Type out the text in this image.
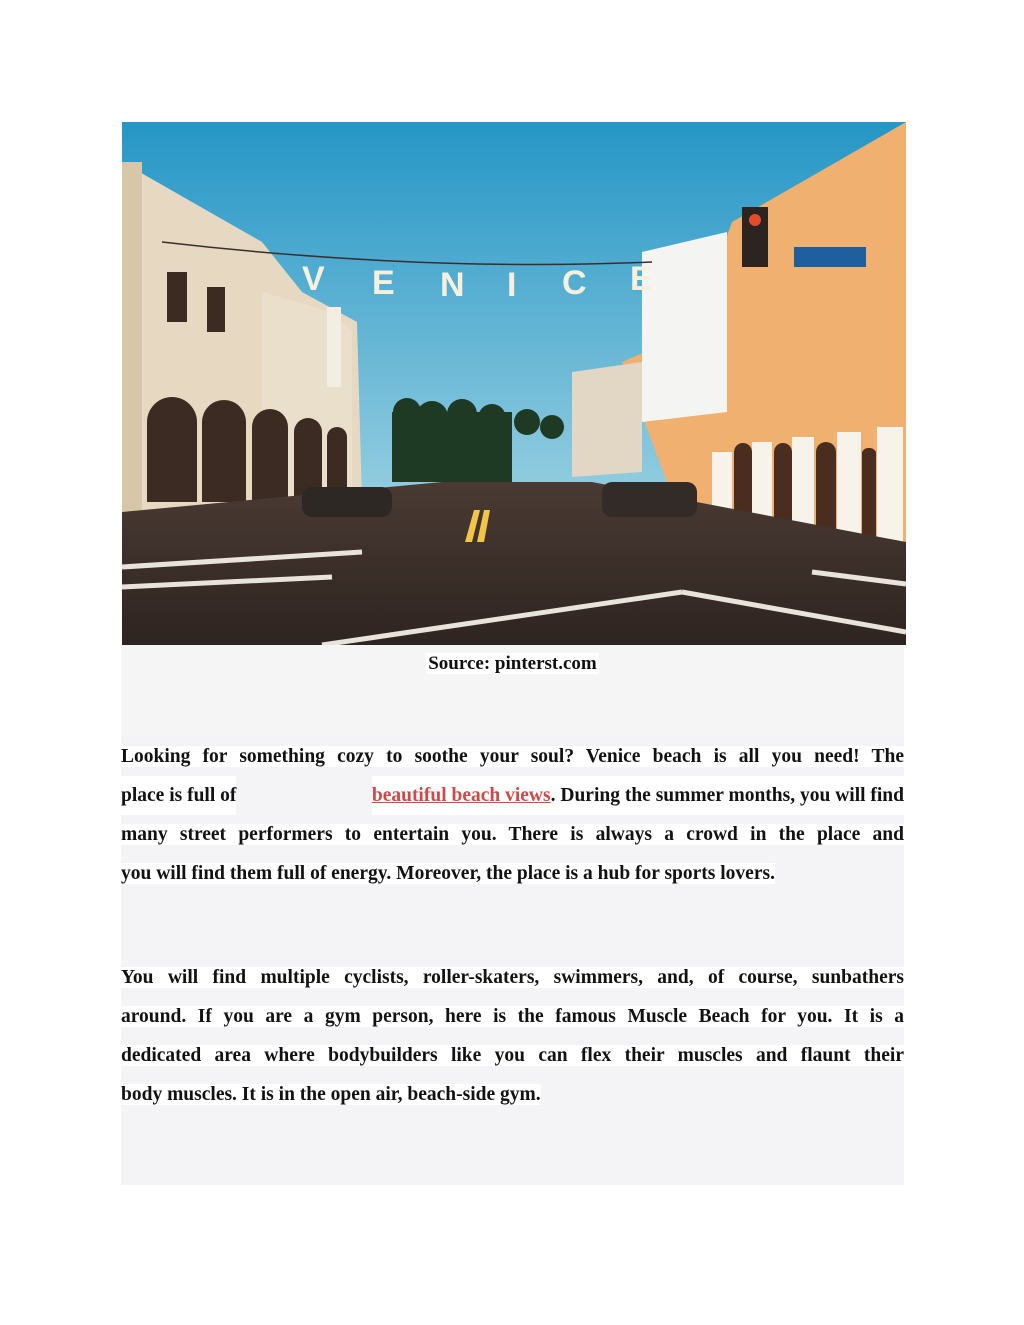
V E N I C E
Source: pinterst.com
Looking for something cozy to soothe your soul? Venice beach is all you need! The
place is full of	beautiful beach views. During the summer months, you will find
many street performers to entertain you. There is always a crowd in the place and
you will find them full of energy. Moreover, the place is a hub for sports lovers.
You will find multiple cyclists, roller-skaters, swimmers, and, of course, sunbathers
around. If you are a gym person, here is the famous Muscle Beach for you. It is a
dedicated area where bodybuilders like you can flex their muscles and flaunt their
body muscles. It is in the open air, beach-side gym.
